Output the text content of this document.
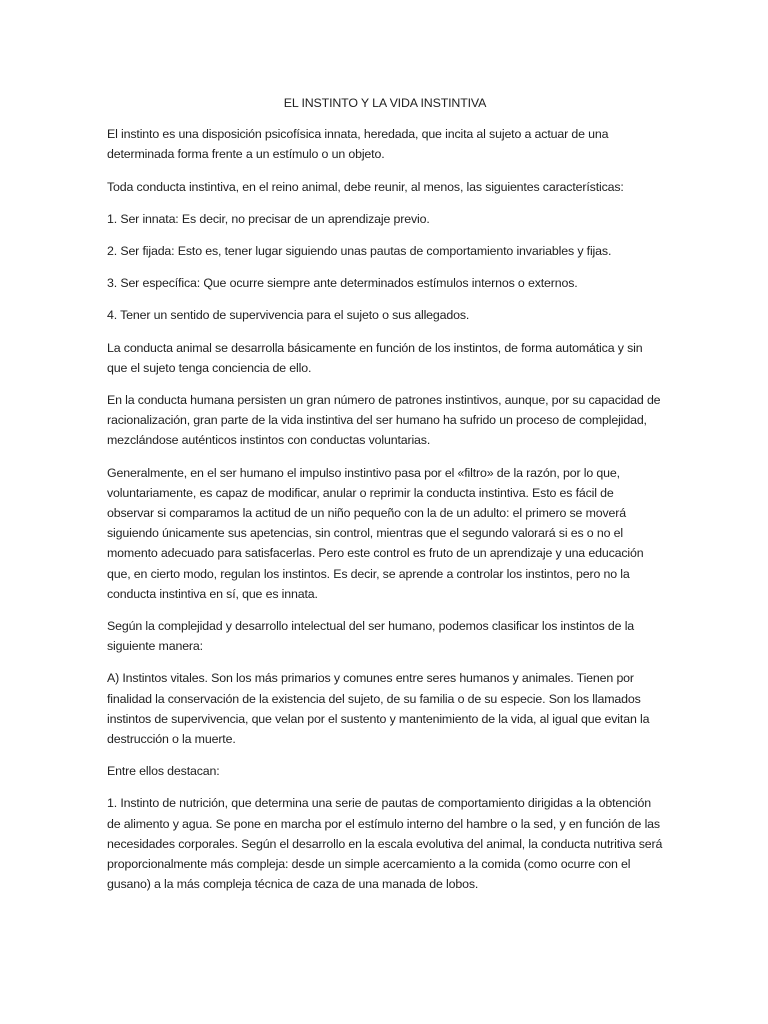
EL INSTINTO Y LA VIDA INSTINTIVA

El instinto es una disposición psicofísica innata, heredada, que incita al sujeto a actuar de una determinada forma frente a un estímulo o un objeto.

Toda conducta instintiva, en el reino animal, debe reunir, al menos, las siguientes características:

1. Ser innata: Es decir, no precisar de un aprendizaje previo.

2. Ser fijada: Esto es, tener lugar siguiendo unas pautas de comportamiento invariables y fijas.

3. Ser específica: Que ocurre siempre ante determinados estímulos internos o externos.

4. Tener un sentido de supervivencia para el sujeto o sus allegados.

La conducta animal se desarrolla básicamente en función de los instintos, de forma automática y sin que el sujeto tenga conciencia de ello.

En la conducta humana persisten un gran número de patrones instintivos, aunque, por su capacidad de racionalización, gran parte de la vida instintiva del ser humano ha sufrido un proceso de complejidad, mezclándose auténticos instintos con conductas voluntarias.

Generalmente, en el ser humano el impulso instintivo pasa por el «filtro» de la razón, por lo que, voluntariamente, es capaz de modificar, anular o reprimir la conducta instintiva. Esto es fácil de observar si comparamos la actitud de un niño pequeño con la de un adulto: el primero se moverá siguiendo únicamente sus apetencias, sin control, mientras que el segundo valorará si es o no el momento adecuado para satisfacerlas. Pero este control es fruto de un aprendizaje y una educación que, en cierto modo, regulan los instintos. Es decir, se aprende a controlar los instintos, pero no la conducta instintiva en sí, que es innata.

Según la complejidad y desarrollo intelectual del ser humano, podemos clasificar los instintos de la siguiente manera:

A) Instintos vitales. Son los más primarios y comunes entre seres humanos y animales. Tienen por finalidad la conservación de la existencia del sujeto, de su familia o de su especie. Son los llamados instintos de supervivencia, que velan por el sustento y mantenimiento de la vida, al igual que evitan la destrucción o la muerte.

Entre ellos destacan:

1. Instinto de nutrición, que determina una serie de pautas de comportamiento dirigidas a la obtención de alimento y agua. Se pone en marcha por el estímulo interno del hambre o la sed, y en función de las necesidades corporales. Según el desarrollo en la escala evolutiva del animal, la conducta nutritiva será proporcionalmente más compleja: desde un simple acercamiento a la comida (como ocurre con el gusano) a la más compleja técnica de caza de una manada de lobos.
